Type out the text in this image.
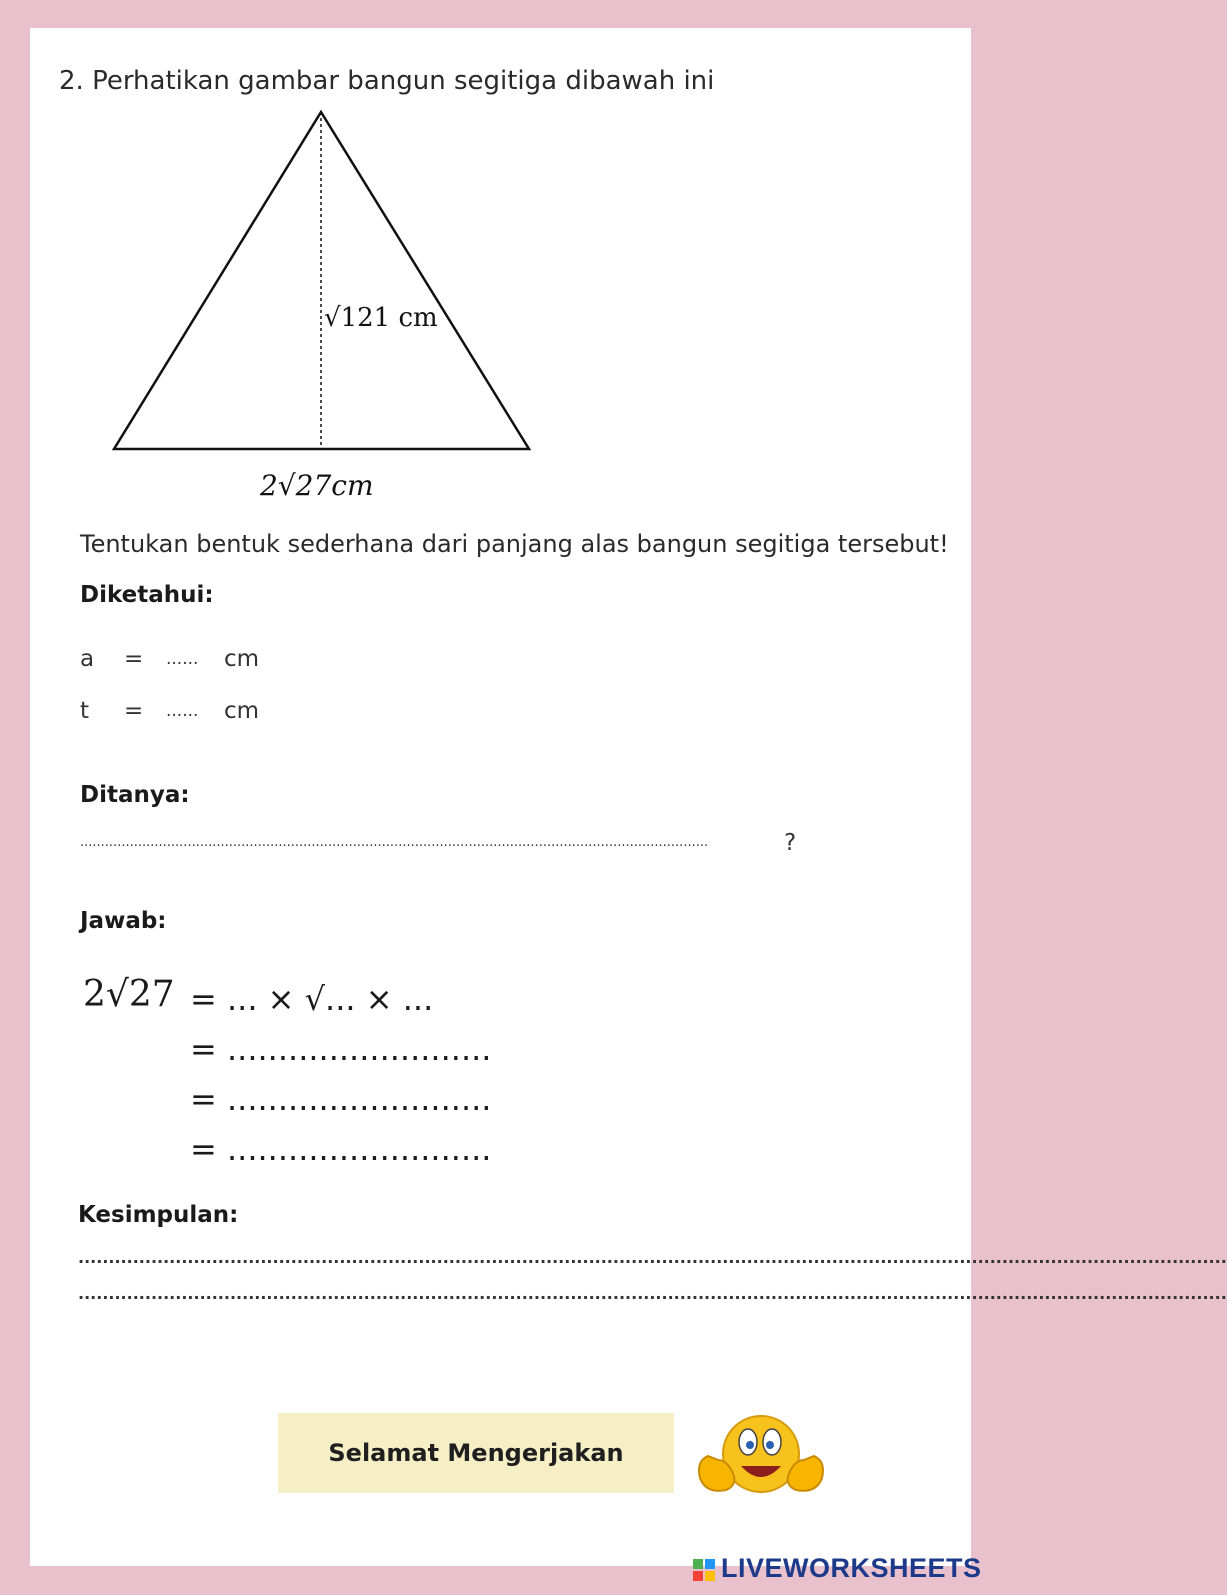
2. Perhatikan gambar bangun segitiga dibawah ini
√121 cm
2√27cm
Tentukan bentuk sederhana dari panjang alas bangun segitiga tersebut!
Diketahui:
a = ...... cm
t = ...... cm
Ditanya:
........................................................................................................................................................	?
Jawab:
2√27 = ... × √... × ...
= ..........................
= ..........................
= ..........................
Kesimpulan:
.............................................................................................................................................................................................
.............................................................................................................................................................................................
Selamat Mengerjakan
LIVEWORKSHEETS
